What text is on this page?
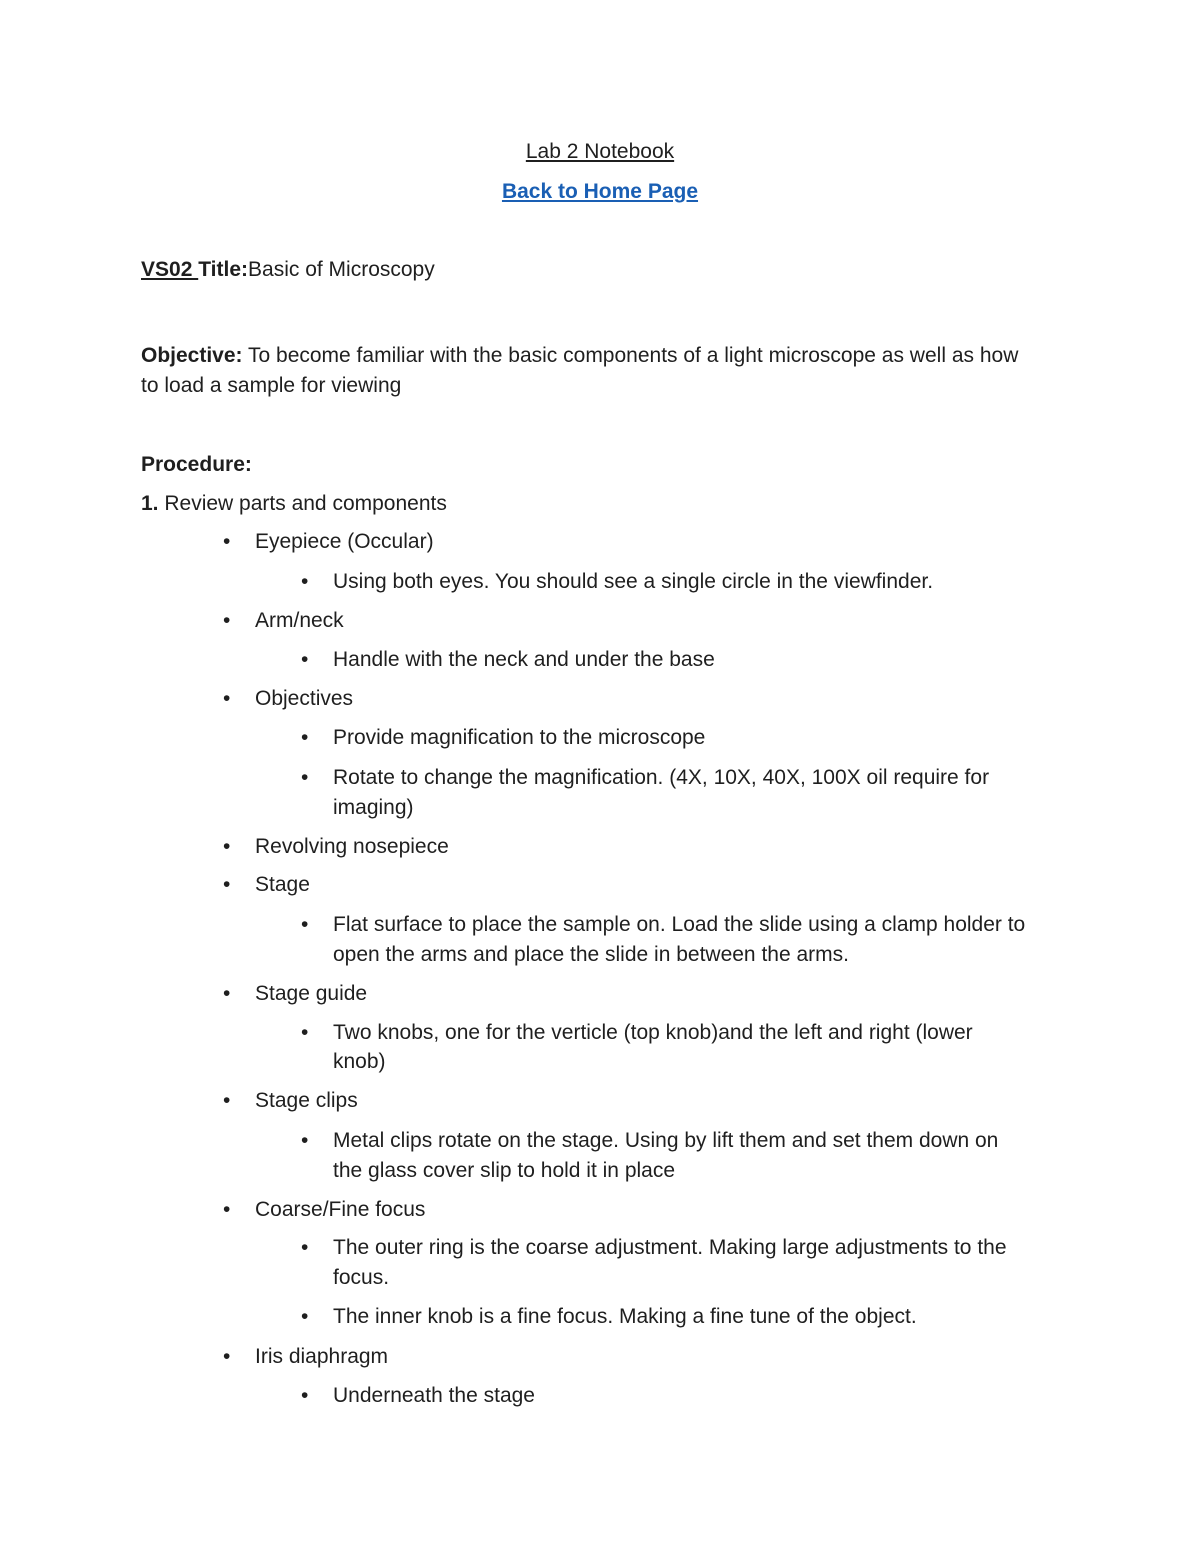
Lab 2 Notebook
Back to Home Page
VS02 Title:Basic of Microscopy
Objective: To become familiar with the basic components of a light microscope as well as how
to load a sample for viewing
Procedure:
1. Review parts and components
• Eyepiece (Occular)
• Using both eyes. You should see a single circle in the viewfinder.
• Arm/neck
• Handle with the neck and under the base
• Objectives
• Provide magnification to the microscope
• Rotate to change the magnification. (4X, 10X, 40X, 100X oil require for
imaging)
• Revolving nosepiece
• Stage
• Flat surface to place the sample on. Load the slide using a clamp holder to
open the arms and place the slide in between the arms.
• Stage guide
• Two knobs, one for the verticle (top knob)and the left and right (lower
knob)
• Stage clips
• Metal clips rotate on the stage. Using by lift them and set them down on
the glass cover slip to hold it in place
• Coarse/Fine focus
• The outer ring is the coarse adjustment. Making large adjustments to the
focus.
• The inner knob is a fine focus. Making a fine tune of the object.
• Iris diaphragm
• Underneath the stage
